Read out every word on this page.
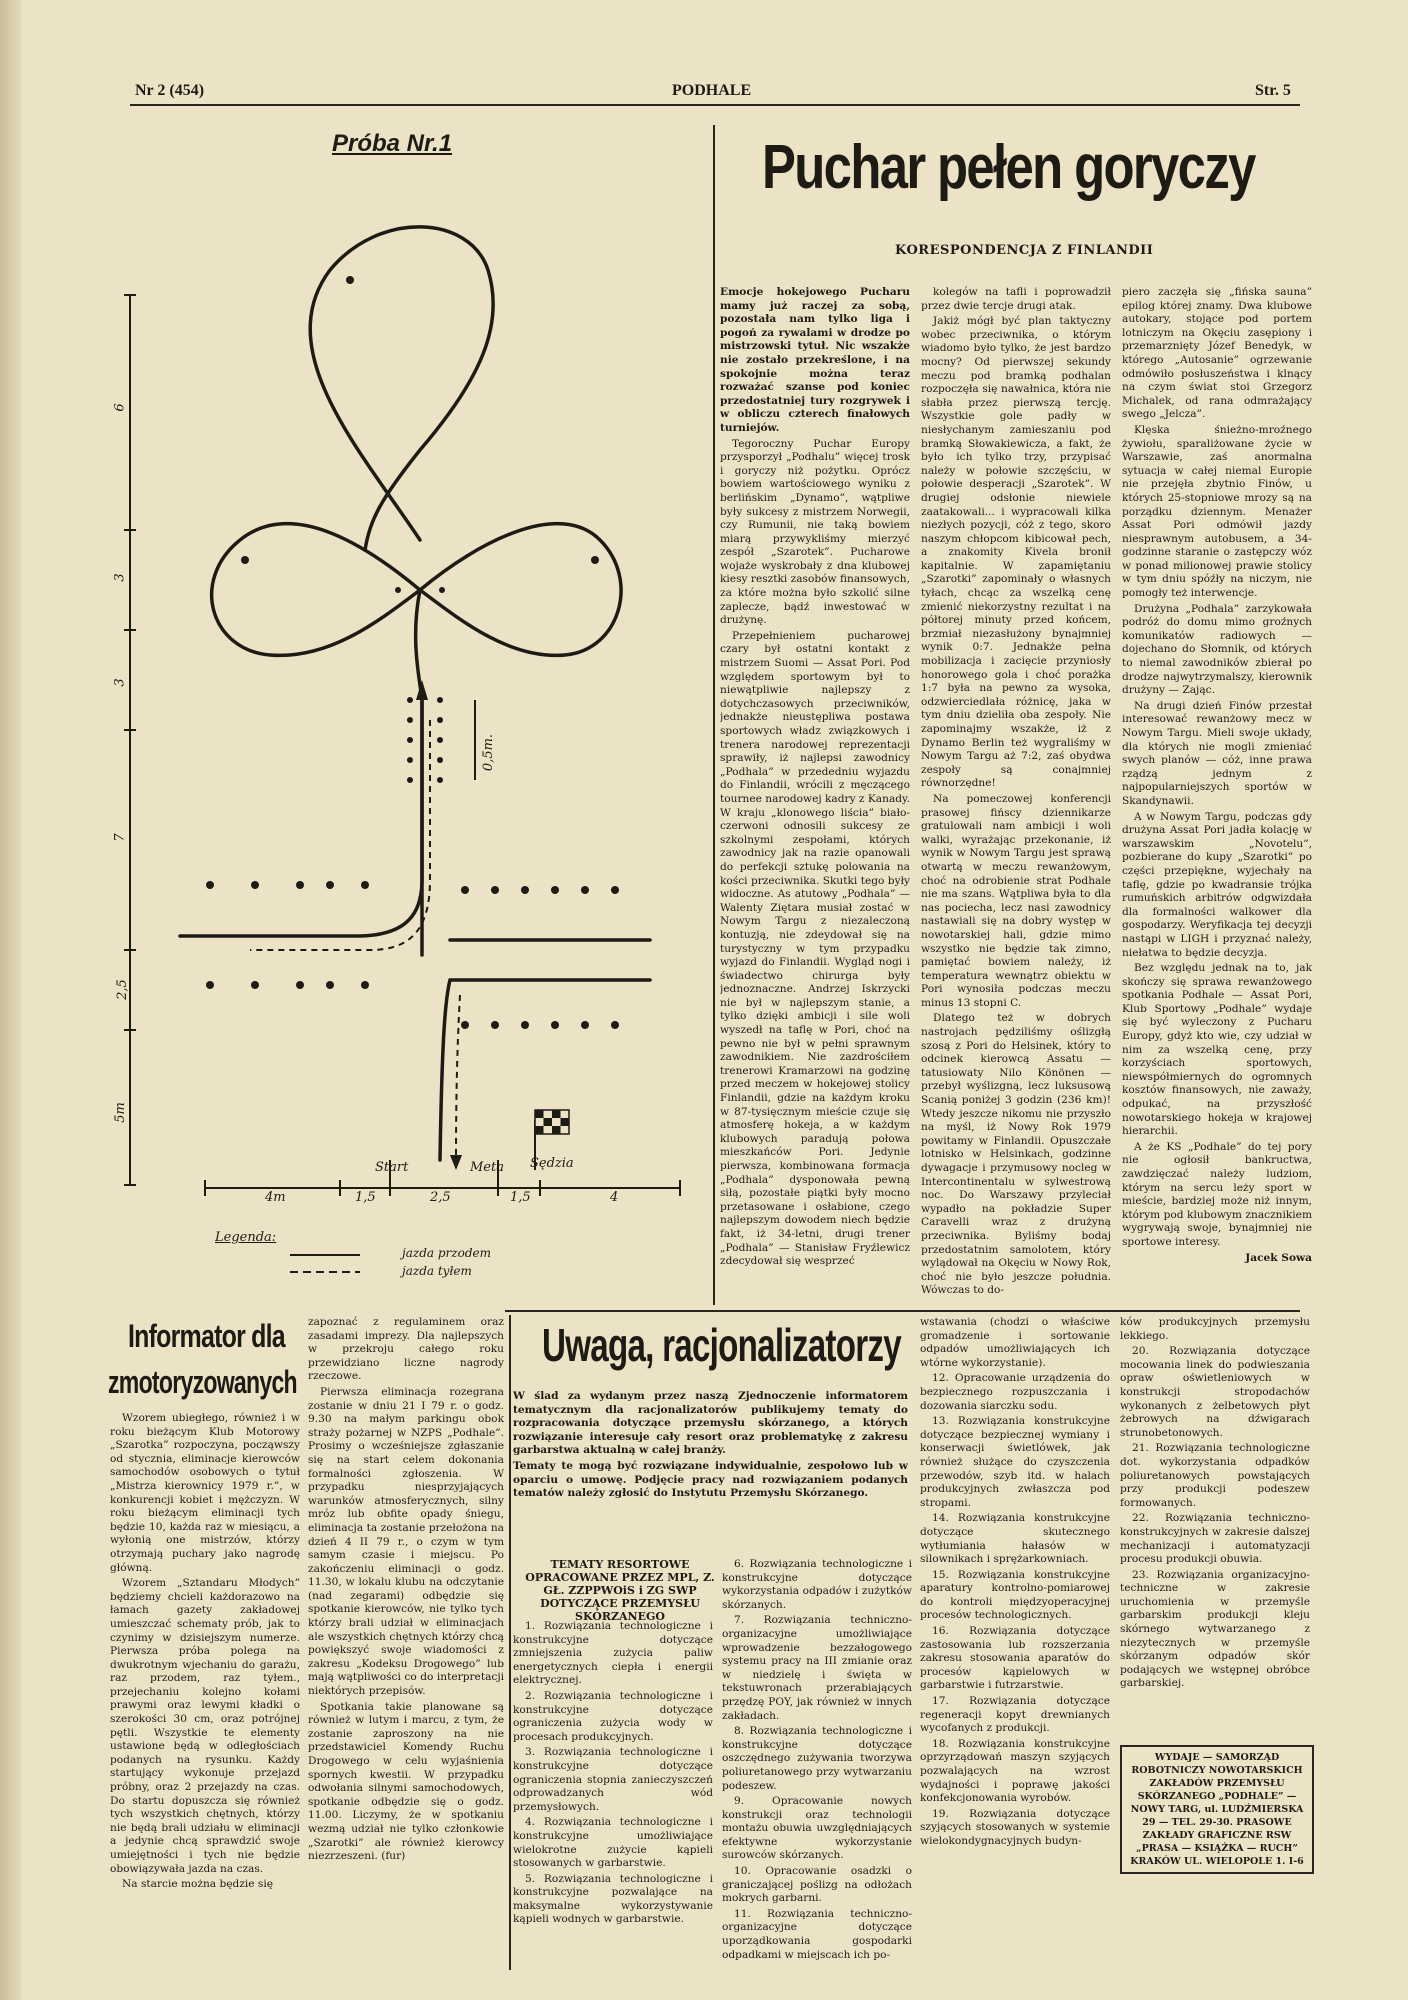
Nr 2 (454)	PODHALE	Str. 5
Próba Nr.1
6
3
3
7
2,5
5m
0,5m.
Start	Meta Sędzia
4m	1,5	2,5	1,5	4
Legenda:
jazda przodem
jazda tyłem
Puchar pełen goryczy
KORESPONDENCJA Z FINLANDII

Emocje hokejowego Pucharu mamy już raczej za sobą, pozostała nam tylko liga i pogoń za rywalami w drodze po mistrzowski tytuł. Nic wszakże nie zostało przekreślone, i na spokojnie można teraz rozważać szanse pod koniec przedostatniej tury rozgrywek i w obliczu czterech finałowych turniejów.

Tegoroczny Puchar Europy przysporzył „Podhalu” więcej trosk i goryczy niż pożytku. Oprócz bowiem wartościowego wyniku z berlińskim „Dynamo”, wątpliwe były sukcesy z mistrzem Norwegii, czy Rumunii, nie taką bowiem miarą przywykliśmy mierzyć zespół „Szarotek”. Pucharowe wojaże wyskrobały z dna klubowej kiesy resztki zasobów finansowych, za które można było szkolić silne zaplecze, bądź inwestować w drużynę.

Przepełnieniem pucharowej czary był ostatni kontakt z mistrzem Suomi — Assat Pori. Pod względem sportowym był to niewątpliwie najlepszy z dotychczasowych przeciwników, jednakże nieustępliwa postawa sportowych władz związkowych i trenera narodowej reprezentacji sprawiły, iż najlepsi zawodnicy „Podhala” w przededniu wyjazdu do Finlandii, wrócili z męczącego tournee narodowej kadry z Kanady. W kraju „klonowego liścia” biało-czerwoni odnosili sukcesy ze szkolnymi zespołami, których zawodnicy jak na razie opanowali do perfekcji sztukę polowania na kości przeciwnika. Skutki tego były widoczne. As atutowy „Podhala” — Walenty Ziętara musiał zostać w Nowym Targu z niezaleczoną kontuzją, nie zdeydował się na turystyczny w tym przypadku wyjazd do Finlandii. Wygląd nogi i świadectwo chirurga były jednoznaczne. Andrzej Iskrzycki nie był w najlepszym stanie, a tylko dzięki ambicji i sile woli wyszedł na taflę w Pori, choć na pewno nie był w pełni sprawnym zawodnikiem. Nie zazdrościłem trenerowi Kramarzowi na godzinę przed meczem w hokejowej stolicy Finlandii, gdzie na każdym kroku w 87-tysięcznym mieście czuje się atmosferę hokeja, a w każdym klubowych paradują połowa mieszkańców Pori. Jedynie pierwsza, kombinowana formacja „Podhala” dysponowała pewną siłą, pozostałe piątki były mocno przetasowane i osłabione, czego najlepszym dowodem niech będzie fakt, iż 34-letni, drugi trener „Podhala” — Stanisław Fryźlewicz zdecydował się wesprzeć

kolegów na tafli i poprowadził przez dwie tercje drugi atak.

Jakiż mógł być plan taktyczny wobec przeciwnika, o którym wiadomo było tylko, że jest bardzo mocny? Od pierwszej sekundy meczu pod bramką podhalan rozpoczęła się nawałnica, która nie słabła przez pierwszą tercję. Wszystkie gole padły w niesłychanym zamieszaniu pod bramką Słowakiewicza, a fakt, że było ich tylko trzy, przypisać należy w połowie szczęściu, w połowie desperacji „Szarotek”. W drugiej odsłonie niewiele zaatakowali... i wypracowali kilka niezłych pozycji, cóż z tego, skoro naszym chłopcom kibicował pech, a znakomity Kivela bronił kapitalnie. W zapamiętaniu „Szarotki” zapominały o własnych tyłach, chcąc za wszelką cenę zmienić niekorzystny rezultat i na półtorej minuty przed końcem, brzmiał niezasłużony bynajmniej wynik 0:7. Jednakże pełna mobilizacja i zacięcie przyniosły honorowego gola i choć porażka 1:7 była na pewno za wysoka, odzwierciedlała różnicę, jaka w tym dniu dzieliła oba zespoły. Nie zapominajmy wszakże, iż z Dynamo Berlin też wygraliśmy w Nowym Targu aż 7:2, zaś obydwa zespoły są conajmniej równorzędne!

Na pomeczowej konferencji prasowej fińscy dziennikarze gratulowali nam ambicji i woli walki, wyrażając przekonanie, iż wynik w Nowym Targu jest sprawą otwartą w meczu rewanżowym, choć na odrobienie strat Podhale nie ma szans. Wątpliwa była to dla nas pociecha, lecz nasi zawodnicy nastawiali się na dobry występ w nowotarskiej hali, gdzie mimo wszystko nie będzie tak zimno, pamiętać bowiem należy, iż temperatura wewnątrz obiektu w Pori wynosiła podczas meczu minus 13 stopni C.

Dlatego też w dobrych nastrojach pędziliśmy oślizgłą szosą z Pori do Helsinek, który to odcinek kierowcą Assatu — tatusiowaty Nilo Könönen — przebył wyślizgną, lecz luksusową Scanią poniżej 3 godzin (236 km)! Wtedy jeszcze nikomu nie przyszło na myśl, iż Nowy Rok 1979 powitamy w Finlandii. Opuszczałe lotnisko w Helsinkach, godzinne dywagacje i przymusowy nocleg w Intercontinentalu w sylwestrową noc. Do Warszawy przyleciał wypadło na pokładzie Super Caravelli wraz z drużyną przeciwnika. Byliśmy bodaj przedostatnim samolotem, który wylądował na Okęciu w Nowy Rok, choć nie było jeszcze południa. Wówczas to do-

piero zaczęła się „fińska sauna” epilog której znamy. Dwa klubowe autokary, stojące pod portem lotniczym na Okęciu zasępiony i przemarznięty Józef Benedyk, w którego „Autosanie” ogrzewanie odmówiło posłuszeństwa i klnący na czym świat stoi Grzegorz Michalek, od rana odmrażający swego „Jelcza”.

Klęska śnieżno-mroźnego żywiołu, sparaliżowane życie w Warszawie, zaś anormalna sytuacja w całej niemal Europie nie przejęła zbytnio Finów, u których 25-stopniowe mrozy są na porządku dziennym. Menażer Assat Pori odmówił jazdy niesprawnym autobusem, a 34-godzinne staranie o zastępczy wóz w ponad milionowej prawie stolicy w tym dniu spóźły na niczym, nie pomogły też interwencje.

Drużyna „Podhala” zarzykowała podróż do domu mimo groźnych komunikatów radiowych — dojechano do Słomnik, od których to niemal zawodników zbierał po drodze najwytrzymalszy, kierownik drużyny — Zając.

Na drugi dzień Finów przestał interesować rewanżowy mecz w Nowym Targu. Mieli swoje układy, dla których nie mogli zmieniać swych planów — cóż, inne prawa rządzą jednym z najpopularniejszych sportów w Skandynawii.

A w Nowym Targu, podczas gdy drużyna Assat Pori jadła kolację w warszawskim „Novotelu”, pozbierane do kupy „Szarotki” po części przepiękne, wyjechały na taflę, gdzie po kwadransie trójka rumuńskich arbitrów odgwizdała dla formalności walkower dla gospodarzy. Weryfikacja tej decyzji nastąpi w LIGH i przyznać należy, niełatwa to będzie decyzja.

Bez względu jednak na to, jak skończy się sprawa rewanżowego spotkania Podhale — Assat Pori, Klub Sportowy „Podhale” wydaje się być wyleczony z Pucharu Europy, gdyż kto wie, czy udział w nim za wszelką cenę, przy korzyściach sportowych, niewspółmiernych do ogromnych kosztów finansowych, nie zaważy, odpukać, na przyszłość nowotarskiego hokeja w krajowej hierarchii.

A że KS „Podhale” do tej pory nie ogłosił bankructwa, zawdzięczać należy ludziom, którym na sercu leży sport w mieście, bardziej może niż innym, którym pod klubowym znacznikiem wygrywają swoje, bynajmniej nie sportowe interesy.

Jacek Sowa

Informator dla
zmotoryzowanych

Wzorem ubiegłego, również i w roku bieżącym Klub Motorowy „Szarotka” rozpoczyna, począwszy od stycznia, eliminacje kierowców samochodów osobowych o tytuł „Mistrza kierownicy 1979 r.”, w konkurencji kobiet i mężczyzn. W roku bieżącym eliminacji tych będzie 10, każda raz w miesiącu, a wyłonią one mistrzów, którzy otrzymają puchary jako nagrodę główną.

Wzorem „Sztandaru Młodych” będziemy chcieli każdorazowo na łamach gazety zakładowej umieszczać schematy prób, jak to czynimy w dzisiejszym numerze. Pierwsza próba polega na dwukrotnym wjechaniu do garażu, raz przodem, raz tyłem., przejechaniu kolejno kołami prawymi oraz lewymi kładki o szerokości 30 cm, oraz potrójnej pętli. Wszystkie te elementy ustawione będą w odległościach podanych na rysunku. Każdy startujący wykonuje przejazd próbny, oraz 2 przejazdy na czas. Do startu dopuszcza się również tych wszystkich chętnych, którzy nie będą brali udziału w eliminacji a jedynie chcą sprawdzić swoje umiejętności i tych nie będzie obowiązywała jazda na czas.

Na starcie można będzie się

zapoznać z regulaminem oraz zasadami imprezy. Dla najlepszych w przekroju całego roku przewidziano liczne nagrody rzeczowe.

Pierwsza eliminacja rozegrana zostanie w dniu 21 I 79 r. o godz. 9.30 na małym parkingu obok straży pożarnej w NZPS „Podhale”. Prosimy o wcześniejsze zgłaszanie się na start celem dokonania formalności zgłoszenia. W przypadku niesprzyjających warunków atmosferycznych, silny mróz lub obfite opady śniegu, eliminacja ta zostanie przełożona na dzień 4 II 79 r., o czym w tym samym czasie i miejscu. Po zakończeniu eliminacji o godz. 11.30, w lokalu klubu na odczytanie (nad zegarami) odbędzie się spotkanie kierowców, nie tylko tych którzy brali udział w eliminacjach ale wszystkich chętnych którzy chcą powiększyć swoje wiadomości z zakresu „Kodeksu Drogowego” lub mają wątpliwości co do interpretacji niektórych przepisów.

Spotkania takie planowane są również w lutym i marcu, z tym, że zostanie zaproszony na nie przedstawiciel Komendy Ruchu Drogowego w celu wyjaśnienia spornych kwestii. W przypadku odwołania silnymi samochodowych, spotkanie odbędzie się o godz. 11.00. Liczymy, że w spotkaniu wezmą udział nie tylko członkowie „Szarotki” ale również kierowcy niezrzeszeni. (fur)

Uwaga, racjonalizatorzy

W ślad za wydanym przez naszą Zjednoczenie informatorem tematycznym dla racjonalizatorów publikujemy tematy do rozpracowania dotyczące przemysłu skórzanego, a których rozwiązanie interesuje cały resort oraz problematykę z zakresu garbarstwa aktualną w całej branży.

Tematy te mogą być rozwiązane indywidualnie, zespołowo lub w oparciu o umowę. Podjęcie pracy nad rozwiązaniem podanych tematów należy zgłosić do Instytutu Przemysłu Skórzanego.

TEMATY RESORTOWE OPRACOWANE PRZEZ MPL, Z. GŁ. ZZPPWOiS i ZG SWP DOTYCZĄCE PRZEMYSŁU SKÓRZANEGO

1. Rozwiązania technologiczne i konstrukcyjne dotyczące zmniejszenia zużycia paliw energetycznych ciepła i energii elektrycznej.

2. Rozwiązania technologiczne i konstrukcyjne dotyczące ograniczenia zużycia wody w procesach produkcyjnych.

3. Rozwiązania technologiczne i konstrukcyjne dotyczące ograniczenia stopnia zanieczyszczeń odprowadzanych wód przemysłowych.

4. Rozwiązania technologiczne i konstrukcyjne umożliwiające wielokrotne zużycie kąpieli stosowanych w garbarstwie.

5. Rozwiązania technologiczne i konstrukcyjne pozwalające na maksymalne wykorzystywanie kąpieli wodnych w garbarstwie.

6. Rozwiązania technologiczne i konstrukcyjne dotyczące wykorzystania odpadów i zużytków skórzanych.

7. Rozwiązania techniczno-organizacyjne umożliwiające wprowadzenie bezzałogowego systemu pracy na III zmianie oraz w niedzielę i święta w tekstuwronach przerabiających przędzę POY, jak również w innych zakładach.

8. Rozwiązania technologiczne i konstrukcyjne dotyczące oszczędnego zużywania tworzywa poliuretanowego przy wytwarzaniu podeszew.

9. Opracowanie nowych konstrukcji oraz technologii montażu obuwia uwzględniających efektywne wykorzystanie surowców skórzanych.

10. Opracowanie osadzki o graniczającej poślizg na odłożach mokrych garbarni.

11. Rozwiązania techniczno-organizacyjne dotyczące uporządkowania gospodarki odpadkami w miejscach ich po-

wstawania (chodzi o właściwe gromadzenie i sortowanie odpadów umożliwiających ich wtórne wykorzystanie).

12. Opracowanie urządzenia do bezpiecznego rozpuszczania i dozowania siarczku sodu.

13. Rozwiązania konstrukcyjne dotyczące bezpiecznej wymiany i konserwacji świetlówek, jak również służące do czyszczenia przewodów, szyb itd. w halach produkcyjnych zwłaszcza pod stropami.

14. Rozwiązania konstrukcyjne dotyczące skutecznego wytłumiania hałasów w silownikach i sprężarkowniach.

15. Rozwiązania konstrukcyjne aparatury kontrolno-pomiarowej do kontroli międzyoperacyjnej procesów technologicznych.

16. Rozwiązania dotyczące zastosowania lub rozszerzania zakresu stosowania aparatów do procesów kąpielowych w garbarstwie i futrzarstwie.

17. Rozwiązania dotyczące regeneracji kopyt drewnianych wycofanych z produkcji.

18. Rozwiązania konstrukcyjne oprzyrządowań maszyn szyjących pozwalających na wzrost wydajności i poprawę jakości konfekcjonowania wyrobów.

19. Rozwiązania dotyczące szyjących stosowanych w systemie wielokondygnacyjnych budyn-

ków produkcyjnych przemysłu lekkiego.

20. Rozwiązania dotyczące mocowania linek do podwieszania opraw oświetleniowych w konstrukcji stropodachów wykonanych z żelbetowych płyt żebrowych na dźwigarach strunobetonowych.

21. Rozwiązania technologiczne dot. wykorzystania odpadków poliuretanowych powstających przy produkcji podeszew formowanych.

22. Rozwiązania techniczno-konstrukcyjnych w zakresie dalszej mechanizacji i automatyzacji procesu produkcji obuwia.

23. Rozwiązania organizacyjno-techniczne w zakresie uruchomienia w przemyśle garbarskim produkcji kleju skórnego wytwarzanego z niezytecznych w przemyśle skórzanym odpadów skór podających we wstępnej obróbce garbarskiej.

WYDAJE — SAMORZĄD ROBOTNICZY NOWOTARSKICH ZAKŁADÓW PRZEMYSŁU SKÓRZANEGO „PODHALE” — NOWY TARG, ul. LUDŹMIERSKA 29 — TEL. 29-30. PRASOWE ZAKŁADY GRAFICZNE RSW „PRASA — KSIĄŻKA — RUCH” KRAKÓW UL. WIELOPOLE 1. I-6
